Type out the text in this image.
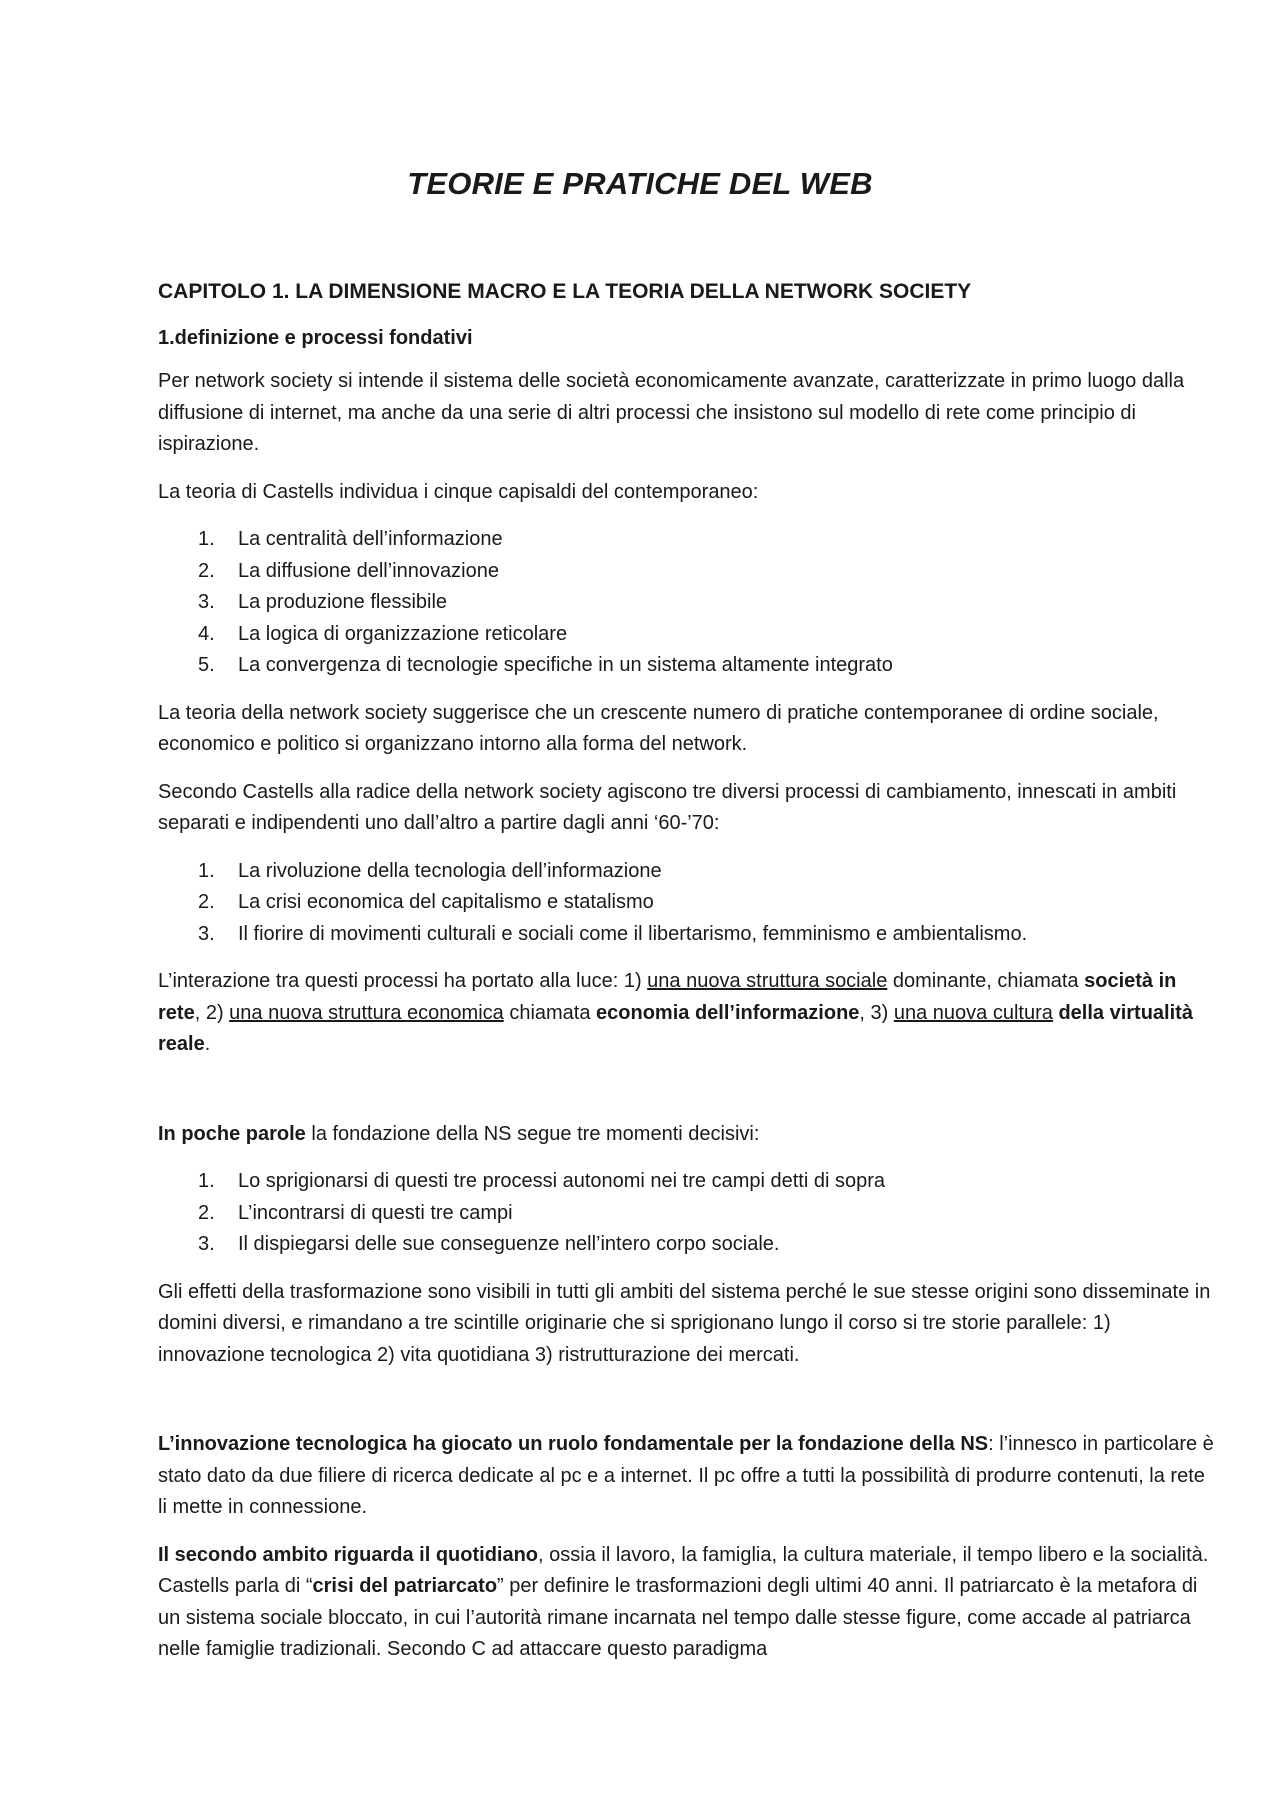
TEORIE E PRATICHE DEL WEB
CAPITOLO 1. LA DIMENSIONE MACRO E LA TEORIA DELLA NETWORK SOCIETY
1.definizione e processi fondativi

Per network society si intende il sistema delle società economicamente avanzate, caratterizzate in primo luogo dalla diffusione di internet, ma anche da una serie di altri processi che insistono sul modello di rete come principio di ispirazione.

La teoria di Castells individua i cinque capisaldi del contemporaneo:

1. La centralità dell’informazione
2. La diffusione dell’innovazione
3. La produzione flessibile
4. La logica di organizzazione reticolare
5. La convergenza di tecnologie specifiche in un sistema altamente integrato

La teoria della network society suggerisce che un crescente numero di pratiche contemporanee di ordine sociale, economico e politico si organizzano intorno alla forma del network.

Secondo Castells alla radice della network society agiscono tre diversi processi di cambiamento, innescati in ambiti separati e indipendenti uno dall’altro a partire dagli anni ‘60-’70:

1. La rivoluzione della tecnologia dell’informazione
2. La crisi economica del capitalismo e statalismo
3. Il fiorire di movimenti culturali e sociali come il libertarismo, femminismo e ambientalismo.

L’interazione tra questi processi ha portato alla luce: 1) una nuova struttura sociale dominante, chiamata società in rete, 2) una nuova struttura economica chiamata economia dell’informazione, 3) una nuova cultura della virtualità reale.

In poche parole la fondazione della NS segue tre momenti decisivi:

1. Lo sprigionarsi di questi tre processi autonomi nei tre campi detti di sopra
2. L’incontrarsi di questi tre campi
3. Il dispiegarsi delle sue conseguenze nell’intero corpo sociale.

Gli effetti della trasformazione sono visibili in tutti gli ambiti del sistema perché le sue stesse origini sono disseminate in domini diversi, e rimandano a tre scintille originarie che si sprigionano lungo il corso si tre storie parallele: 1) innovazione tecnologica 2) vita quotidiana 3) ristrutturazione dei mercati.

L’innovazione tecnologica ha giocato un ruolo fondamentale per la fondazione della NS: l’innesco in particolare è stato dato da due filiere di ricerca dedicate al pc e a internet. Il pc offre a tutti la possibilità di produrre contenuti, la rete li mette in connessione.

Il secondo ambito riguarda il quotidiano, ossia il lavoro, la famiglia, la cultura materiale, il tempo libero e la socialità. Castells parla di “crisi del patriarcato” per definire le trasformazioni degli ultimi 40 anni. Il patriarcato è la metafora di un sistema sociale bloccato, in cui l’autorità rimane incarnata nel tempo dalle stesse figure, come accade al patriarca nelle famiglie tradizionali. Secondo C ad attaccare questo paradigma
